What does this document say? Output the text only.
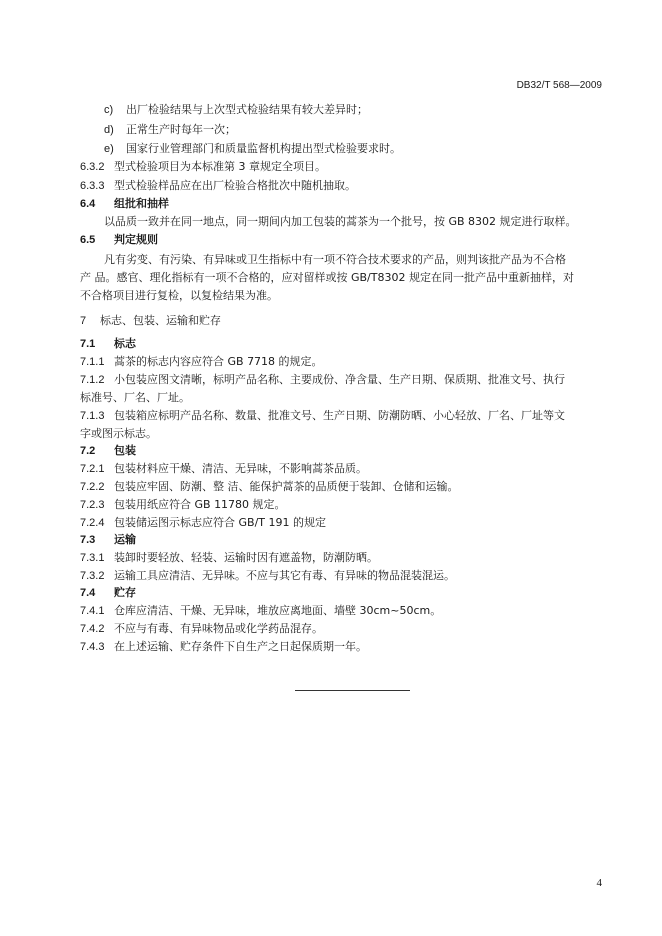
DB32/T 568—2009
c) 出厂检验结果与上次型式检验结果有较大差异时；
d) 正常生产时每年一次；
e) 国家行业管理部门和质量监督机构提出型式检验要求时。
6.3.2 型式检验项目为本标准第 3 章规定全项目。
6.3.3 型式检验样品应在出厂检验合格批次中随机抽取。
6.4 组批和抽样
以品质一致并在同一地点，同一期间内加工包装的蒿茶为一个批号，按 GB 8302 规定进行取样。
6.5 判定规则
凡有劣变、有污染、有异味或卫生指标中有一项不符合技术要求的产品，则判该批产品为不合格
产 品。感官、理化指标有一项不合格的，应对留样或按 GB/T8302 规定在同一批产品中重新抽样，对
不合格项目进行复检，以复检结果为准。
7 标志、包装、运输和贮存
7.1 标志
7.1.1 蒿茶的标志内容应符合 GB 7718 的规定。
7.1.2 小包装应图文清晰，标明产品名称、主要成份、净含量、生产日期、保质期、批准文号、执行
标准号、厂名、厂址。
7.1.3 包装箱应标明产品名称、数量、批准文号、生产日期、防潮防晒、小心轻放、厂名、厂址等文
字或图示标志。
7.2 包装
7.2.1 包装材料应干燥、清洁、无异味，不影响蒿茶品质。
7.2.2 包装应牢固、防潮、整 洁、能保护蒿茶的品质便于装卸、仓储和运输。
7.2.3 包装用纸应符合 GB 11780 规定。
7.2.4 包装储运图示标志应符合 GB/T 191 的规定
7.3 运输
7.3.1 装卸时要轻放、轻装、运输时因有遮盖物，防潮防晒。
7.3.2 运输工具应清洁、无异味。不应与其它有毒、有异味的物品混装混运。
7.4 贮存
7.4.1 仓库应清洁、干燥、无异味，堆放应离地面、墙壁 30cm~50cm。
7.4.2 不应与有毒、有异味物品或化学药品混存。
7.4.3 在上述运输、贮存条件下自生产之日起保质期一年。
4
